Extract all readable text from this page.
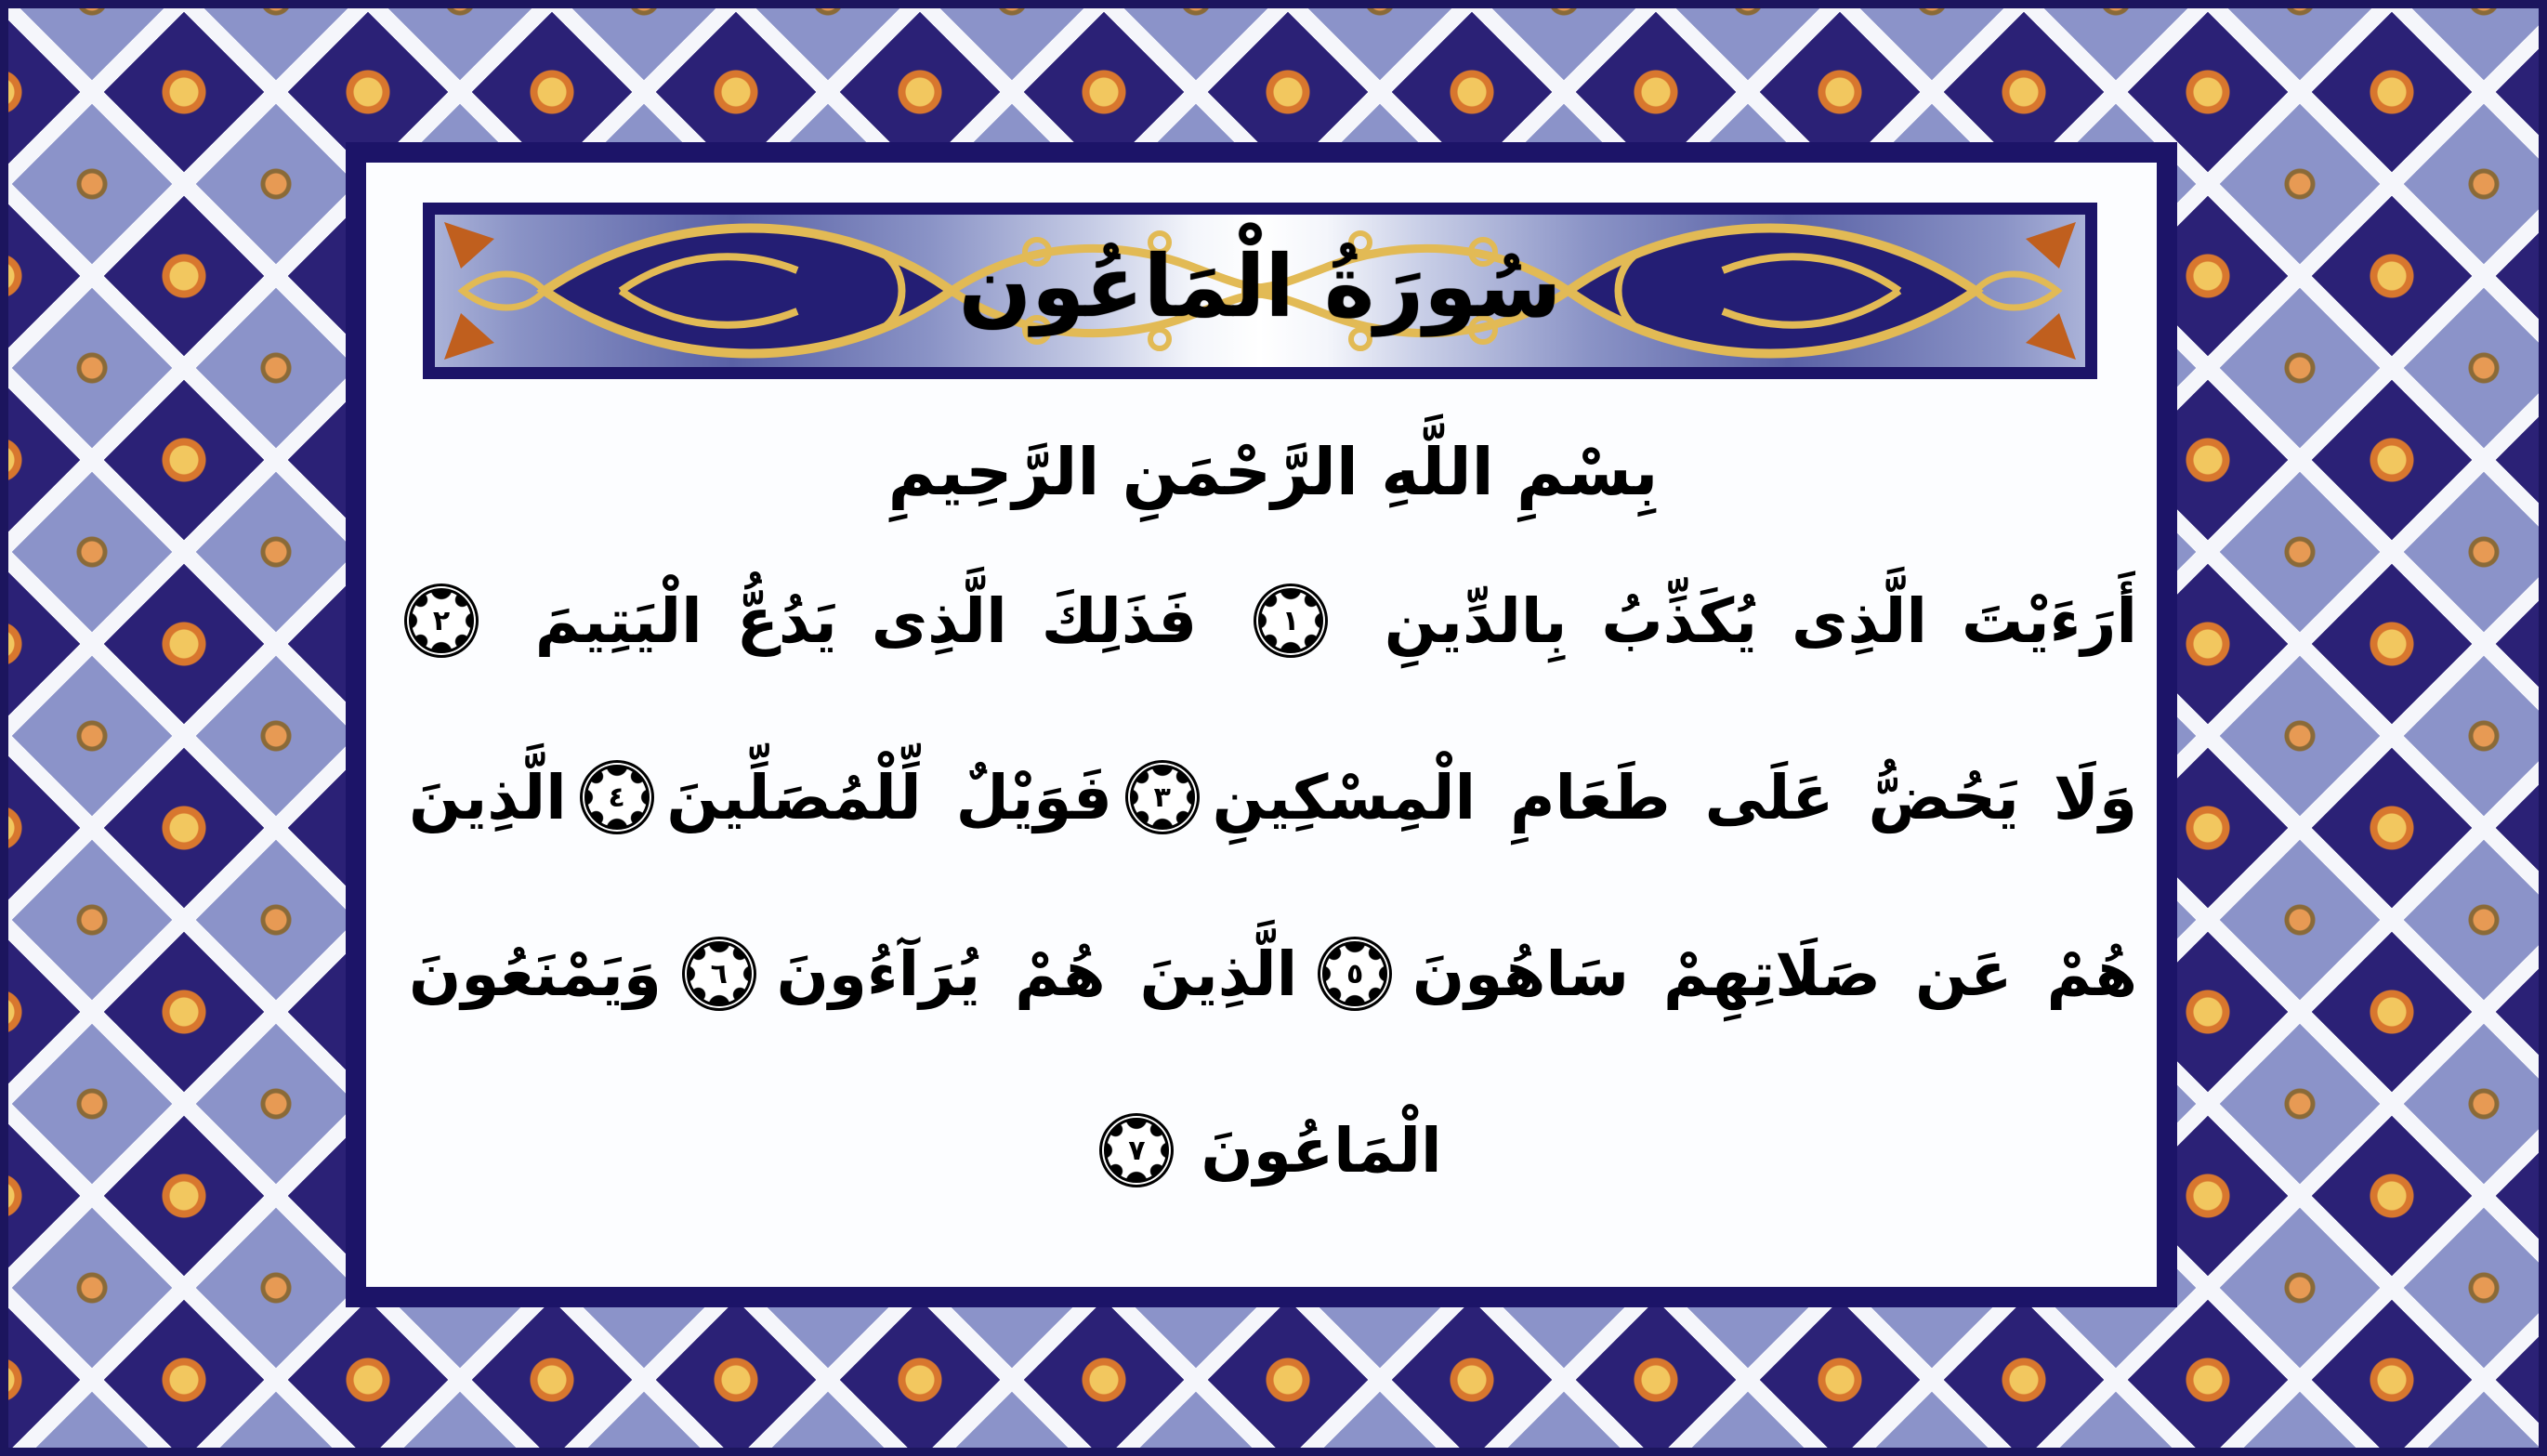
سُورَةُ الْمَاعُون
بِسْمِ اللَّهِ الرَّحْمَنِ الرَّحِيمِ
أَرَءَيْتَ الَّذِى يُكَذِّبُ بِالدِّينِ
١
فَذَلِكَ الَّذِى يَدُعُّ الْيَتِيمَ
٢
وَلَا يَحُضُّ عَلَى طَعَامِ الْمِسْكِينِ
٣
فَوَيْلٌ لِّلْمُصَلِّينَ
٤
الَّذِينَ
هُمْ عَن صَلَاتِهِمْ سَاهُونَ
٥
الَّذِينَ هُمْ يُرَآءُونَ
٦
وَيَمْنَعُونَ
الْمَاعُونَ
٧
